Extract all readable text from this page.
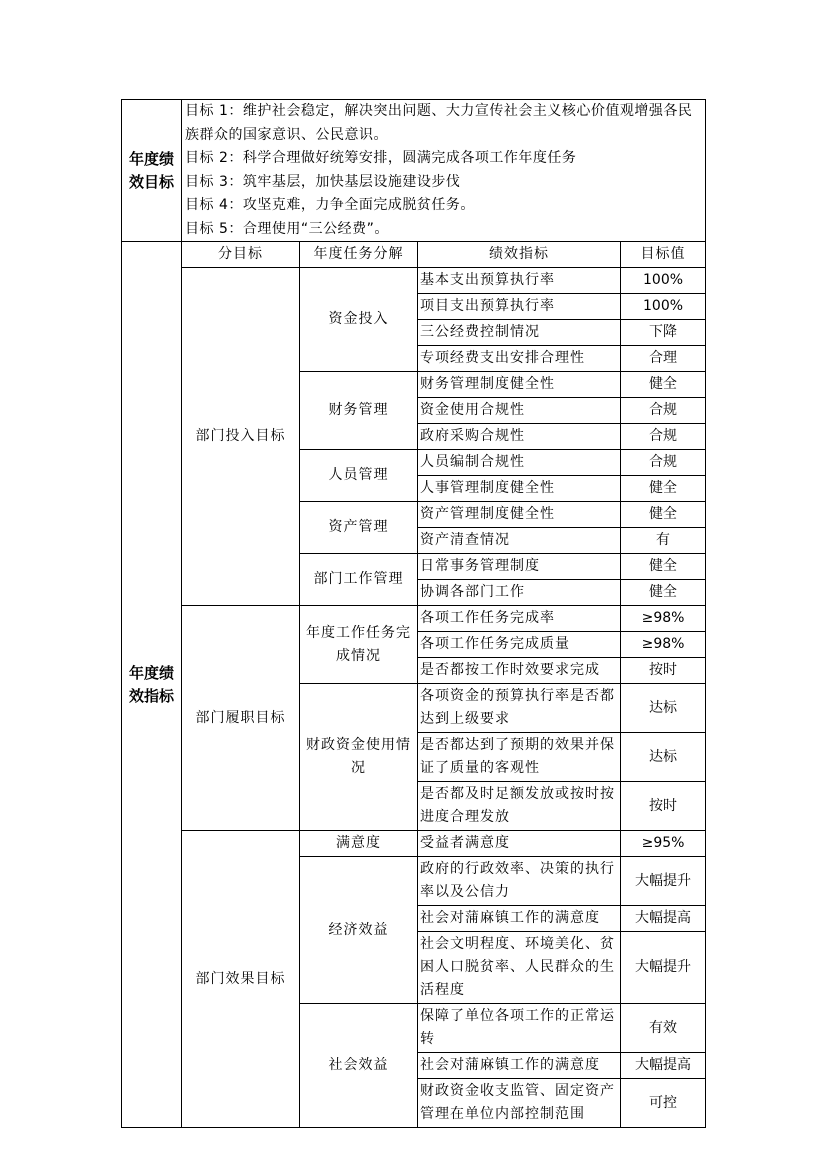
年度绩效目标	目标 1：维护社会稳定，解决突出问题、大力宣传社会主义核心价值观增强各民族群众的国家意识、公民意识。
目标 2：科学合理做好统筹安排，圆满完成各项工作年度任务
目标 3：筑牢基层，加快基层设施建设步伐
目标 4：攻坚克难，力争全面完成脱贫任务。
目标 5：合理使用“三公经费”。			

年度绩效指标	分目标	年度任务分解	绩效指标	目标值
	部门投入目标	资金投入	基本支出预算执行率	100%
			项目支出预算执行率	100%
			三公经费控制情况	下降
			专项经费支出安排合理性	合理
		财务管理	财务管理制度健全性	健全
			资金使用合规性	合规
			政府采购合规性	合规
		人员管理	人员编制合规性	合规
			人事管理制度健全性	健全
		资产管理	资产管理制度健全性	健全
			资产清查情况	有
		部门工作管理	日常事务管理制度	健全
			协调各部门工作	健全
	部门履职目标	年度工作任务完成情况	各项工作任务完成率	≥98%
			各项工作任务完成质量	≥98%
			是否都按工作时效要求完成	按时
		财政资金使用情况	各项资金的预算执行率是否都达到上级要求	达标
			是否都达到了预期的效果并保证了质量的客观性	达标
			是否都及时足额发放或按时按进度合理发放	按时
	部门效果目标	满意度	受益者满意度	≥95%
		经济效益	政府的行政效率、决策的执行率以及公信力	大幅提升
			社会对蒲麻镇工作的满意度	大幅提高
			社会文明程度、环境美化、贫困人口脱贫率、人民群众的生活程度	大幅提升
		社会效益	保障了单位各项工作的正常运转	有效
			社会对蒲麻镇工作的满意度	大幅提高
			财政资金收支监管、固定资产管理在单位内部控制范围	可控
